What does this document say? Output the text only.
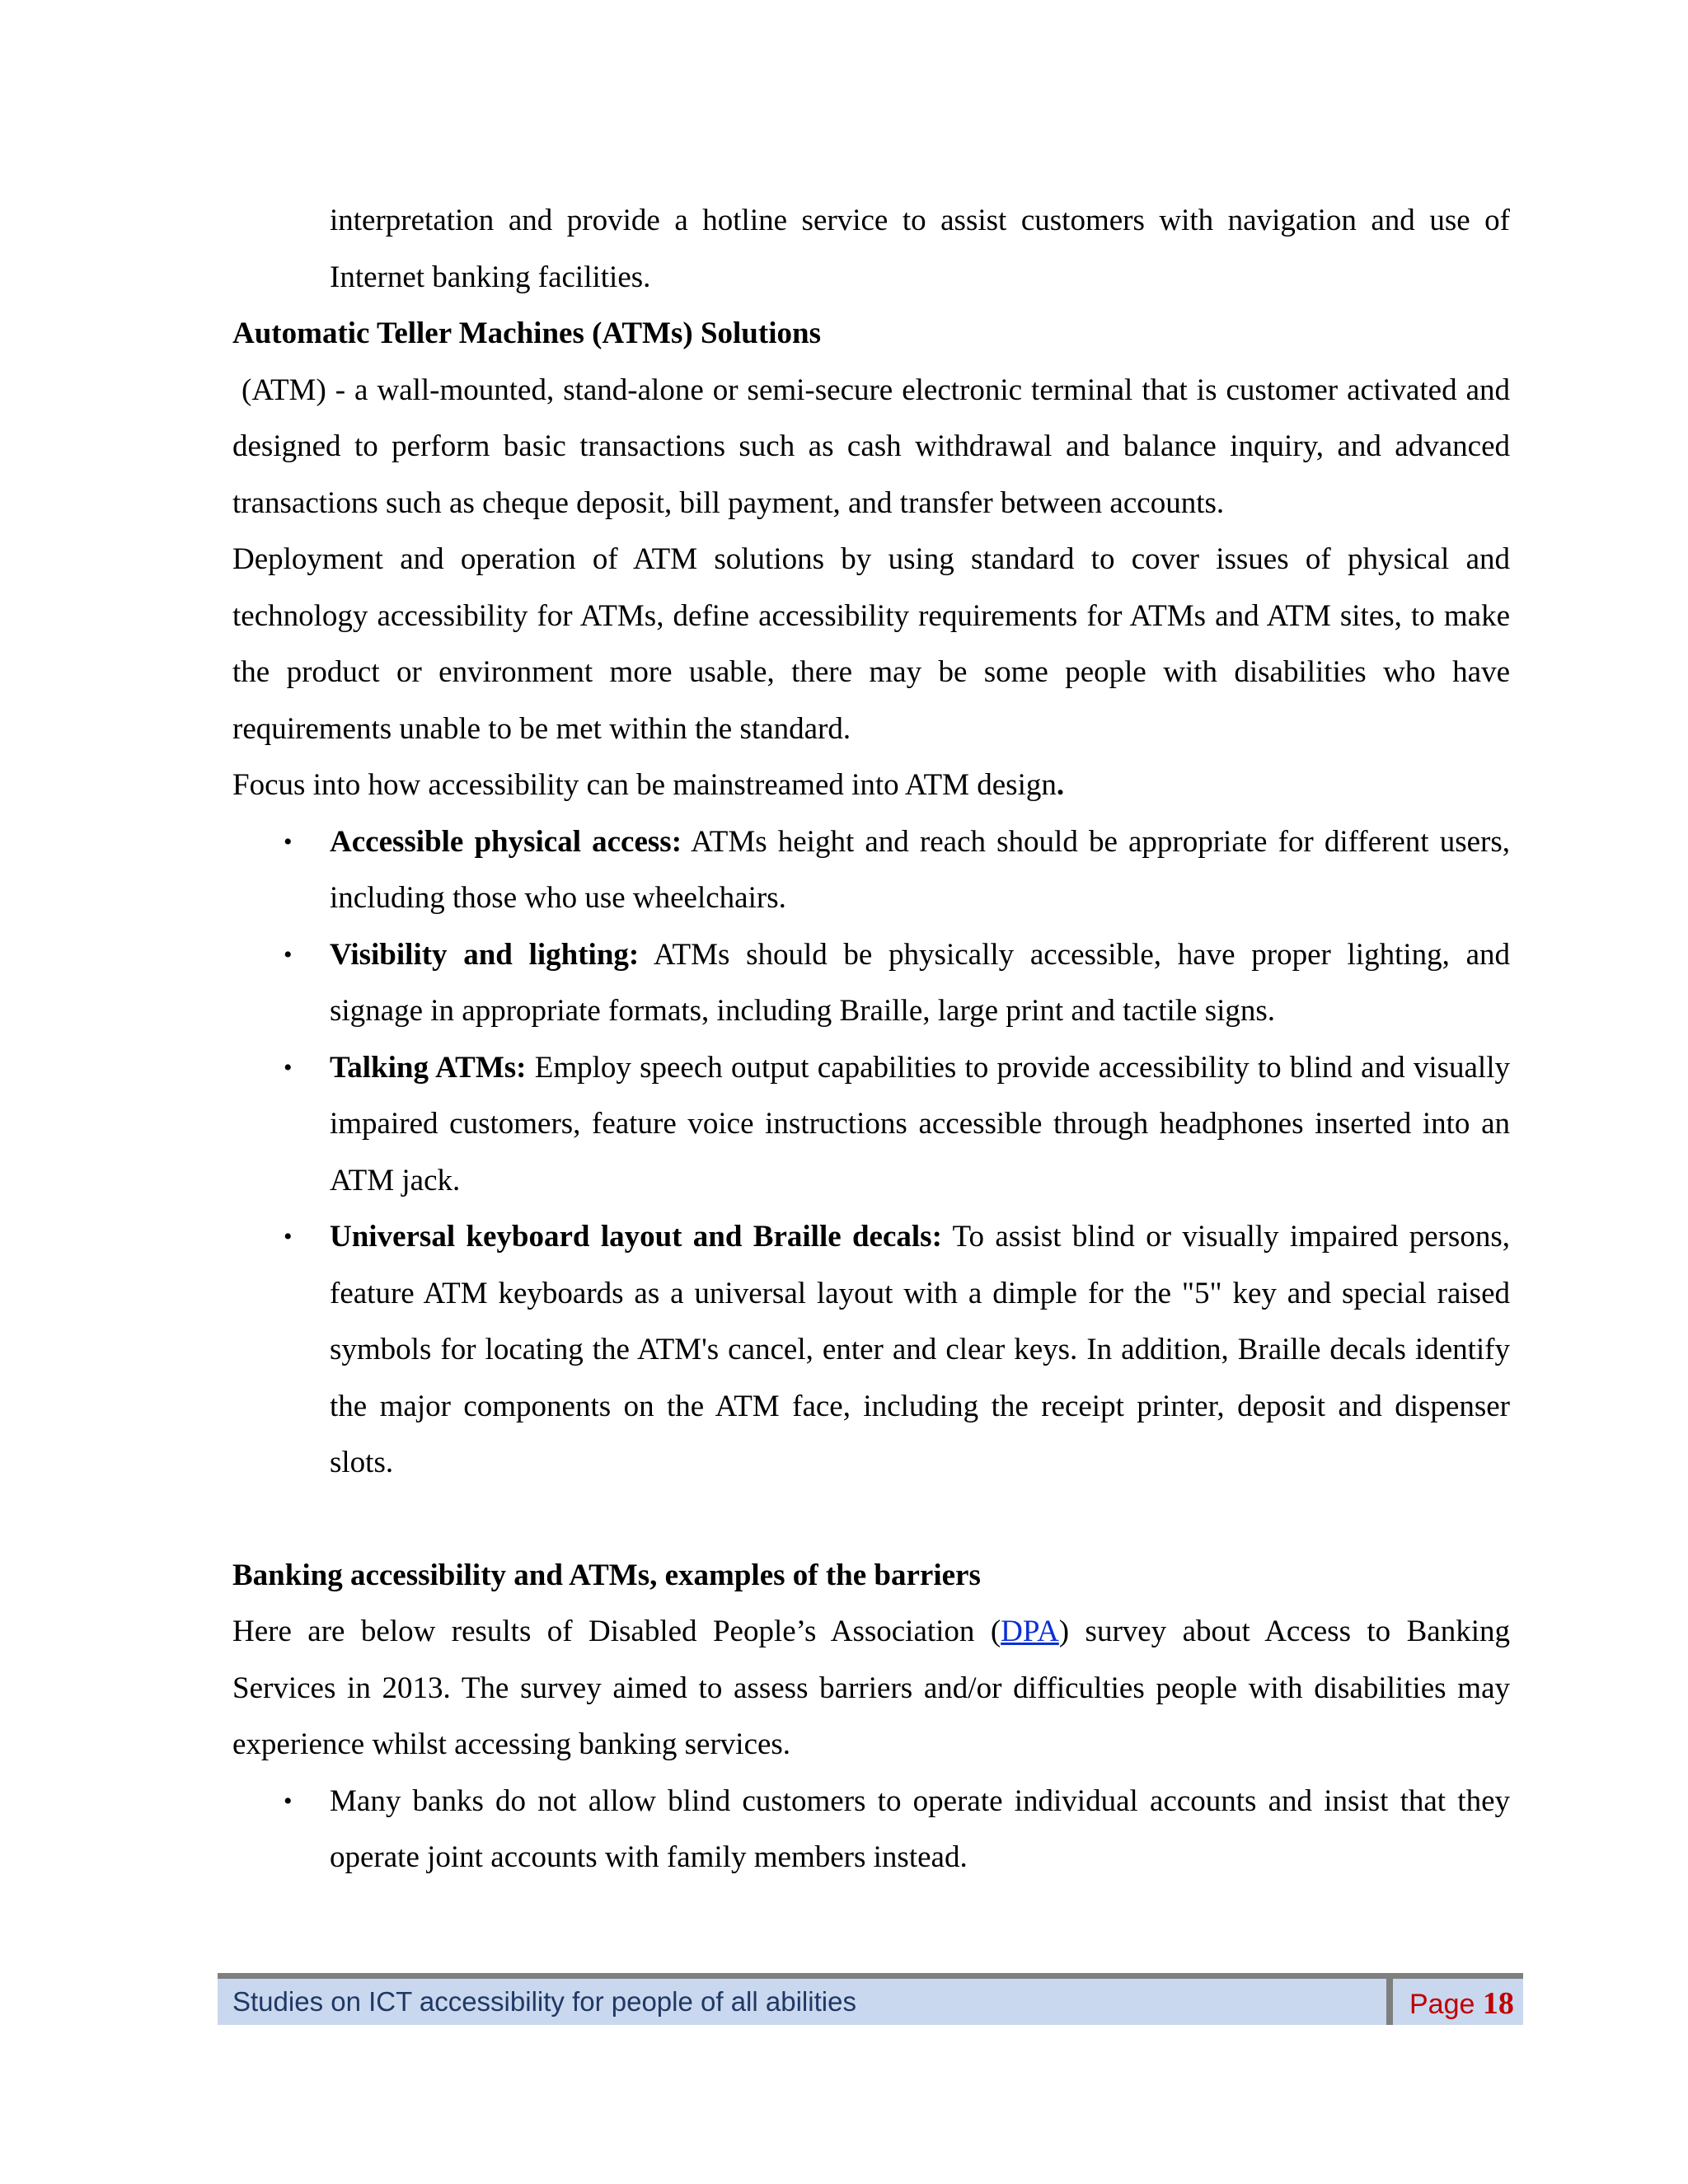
interpretation and provide a hotline service to assist customers with navigation and use of Internet banking facilities.

Automatic Teller Machines (ATMs) Solutions

(ATM) - a wall-mounted, stand-alone or semi-secure electronic terminal that is customer activated and designed to perform basic transactions such as cash withdrawal and balance inquiry, and advanced transactions such as cheque deposit, bill payment, and transfer between accounts.

Deployment and operation of ATM solutions by using standard to cover issues of physical and technology accessibility for ATMs, define accessibility requirements for ATMs and ATM sites, to make the product or environment more usable, there may be some people with disabilities who have requirements unable to be met within the standard.

Focus into how accessibility can be mainstreamed into ATM design.

• Accessible physical access: ATMs height and reach should be appropriate for different users, including those who use wheelchairs.
• Visibility and lighting: ATMs should be physically accessible, have proper lighting, and signage in appropriate formats, including Braille, large print and tactile signs.
• Talking ATMs: Employ speech output capabilities to provide accessibility to blind and visually impaired customers, feature voice instructions accessible through headphones inserted into an ATM jack.
• Universal keyboard layout and Braille decals: To assist blind or visually impaired persons, feature ATM keyboards as a universal layout with a dimple for the "5" key and special raised symbols for locating the ATM's cancel, enter and clear keys. In addition, Braille decals identify the major components on the ATM face, including the receipt printer, deposit and dispenser slots.

Banking accessibility and ATMs, examples of the barriers

Here are below results of Disabled People’s Association (DPA) survey about Access to Banking Services in 2013. The survey aimed to assess barriers and/or difficulties people with disabilities may experience whilst accessing banking services.

• Many banks do not allow blind customers to operate individual accounts and insist that they operate joint accounts with family members instead.
Studies on ICT accessibility for people of all abilities	Page 18
